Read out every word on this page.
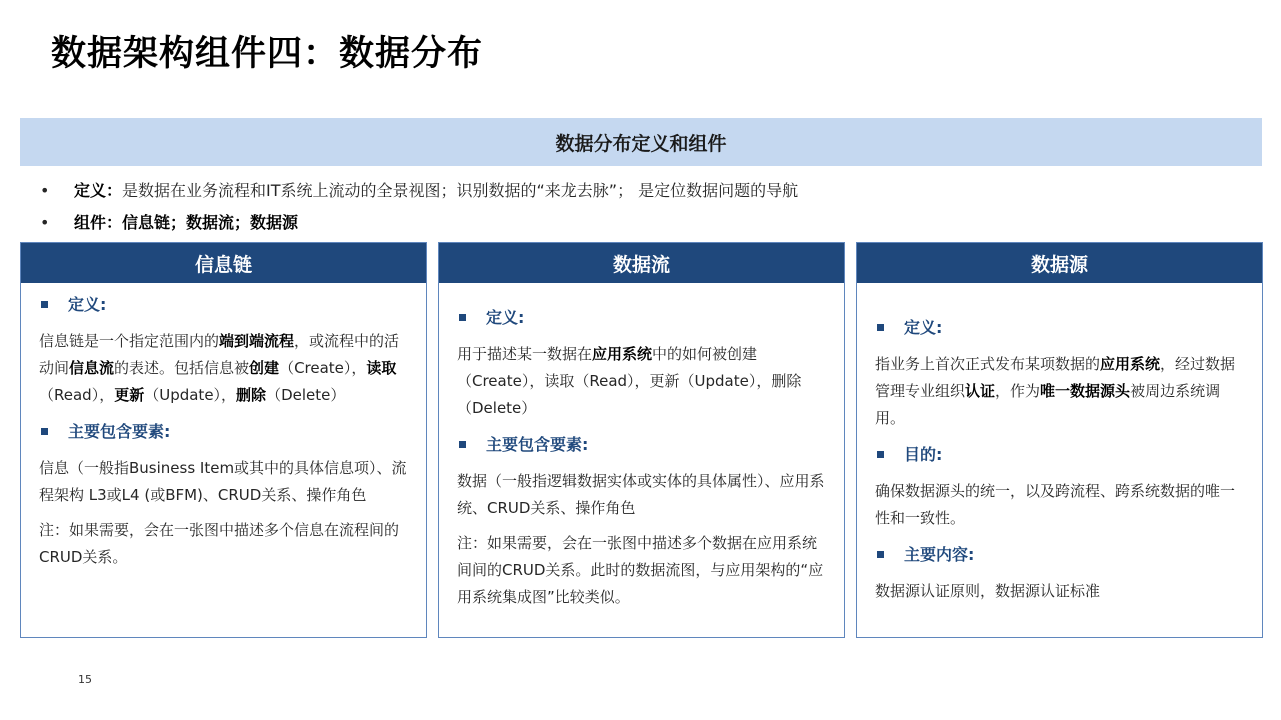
数据架构组件四：数据分布
数据分布定义和组件
• 定义：是数据在业务流程和IT系统上流动的全景视图；识别数据的“来龙去脉”； 是定位数据问题的导航
• 组件：信息链；数据流；数据源
信息链
定义:

信息链是一个指定范围内的端到端流程，或流程中的活动间信息流的表述。包括信息被创建（Create），读取（Read），更新（Update），删除（Delete）

主要包含要素:

信息（一般指Business Item或其中的具体信息项）、流程架构 L3或L4 (或BFM)、CRUD关系、操作角色

注：如果需要，会在一张图中描述多个信息在流程间的CRUD关系。

数据流
定义:

用于描述某一数据在应用系统中的如何被创建（Create），读取（Read），更新（Update），删除（Delete）

主要包含要素:

数据（一般指逻辑数据实体或实体的具体属性）、应用系统、CRUD关系、操作角色

注：如果需要，会在一张图中描述多个数据在应用系统间间的CRUD关系。此时的数据流图，与应用架构的“应用系统集成图”比较类似。

数据源
定义:

指业务上首次正式发布某项数据的应用系统，经过数据管理专业组织认证，作为唯一数据源头被周边系统调用。

目的:

确保数据源头的统一，以及跨流程、跨系统数据的唯一性和一致性。

主要内容:

数据源认证原则，数据源认证标准

15
